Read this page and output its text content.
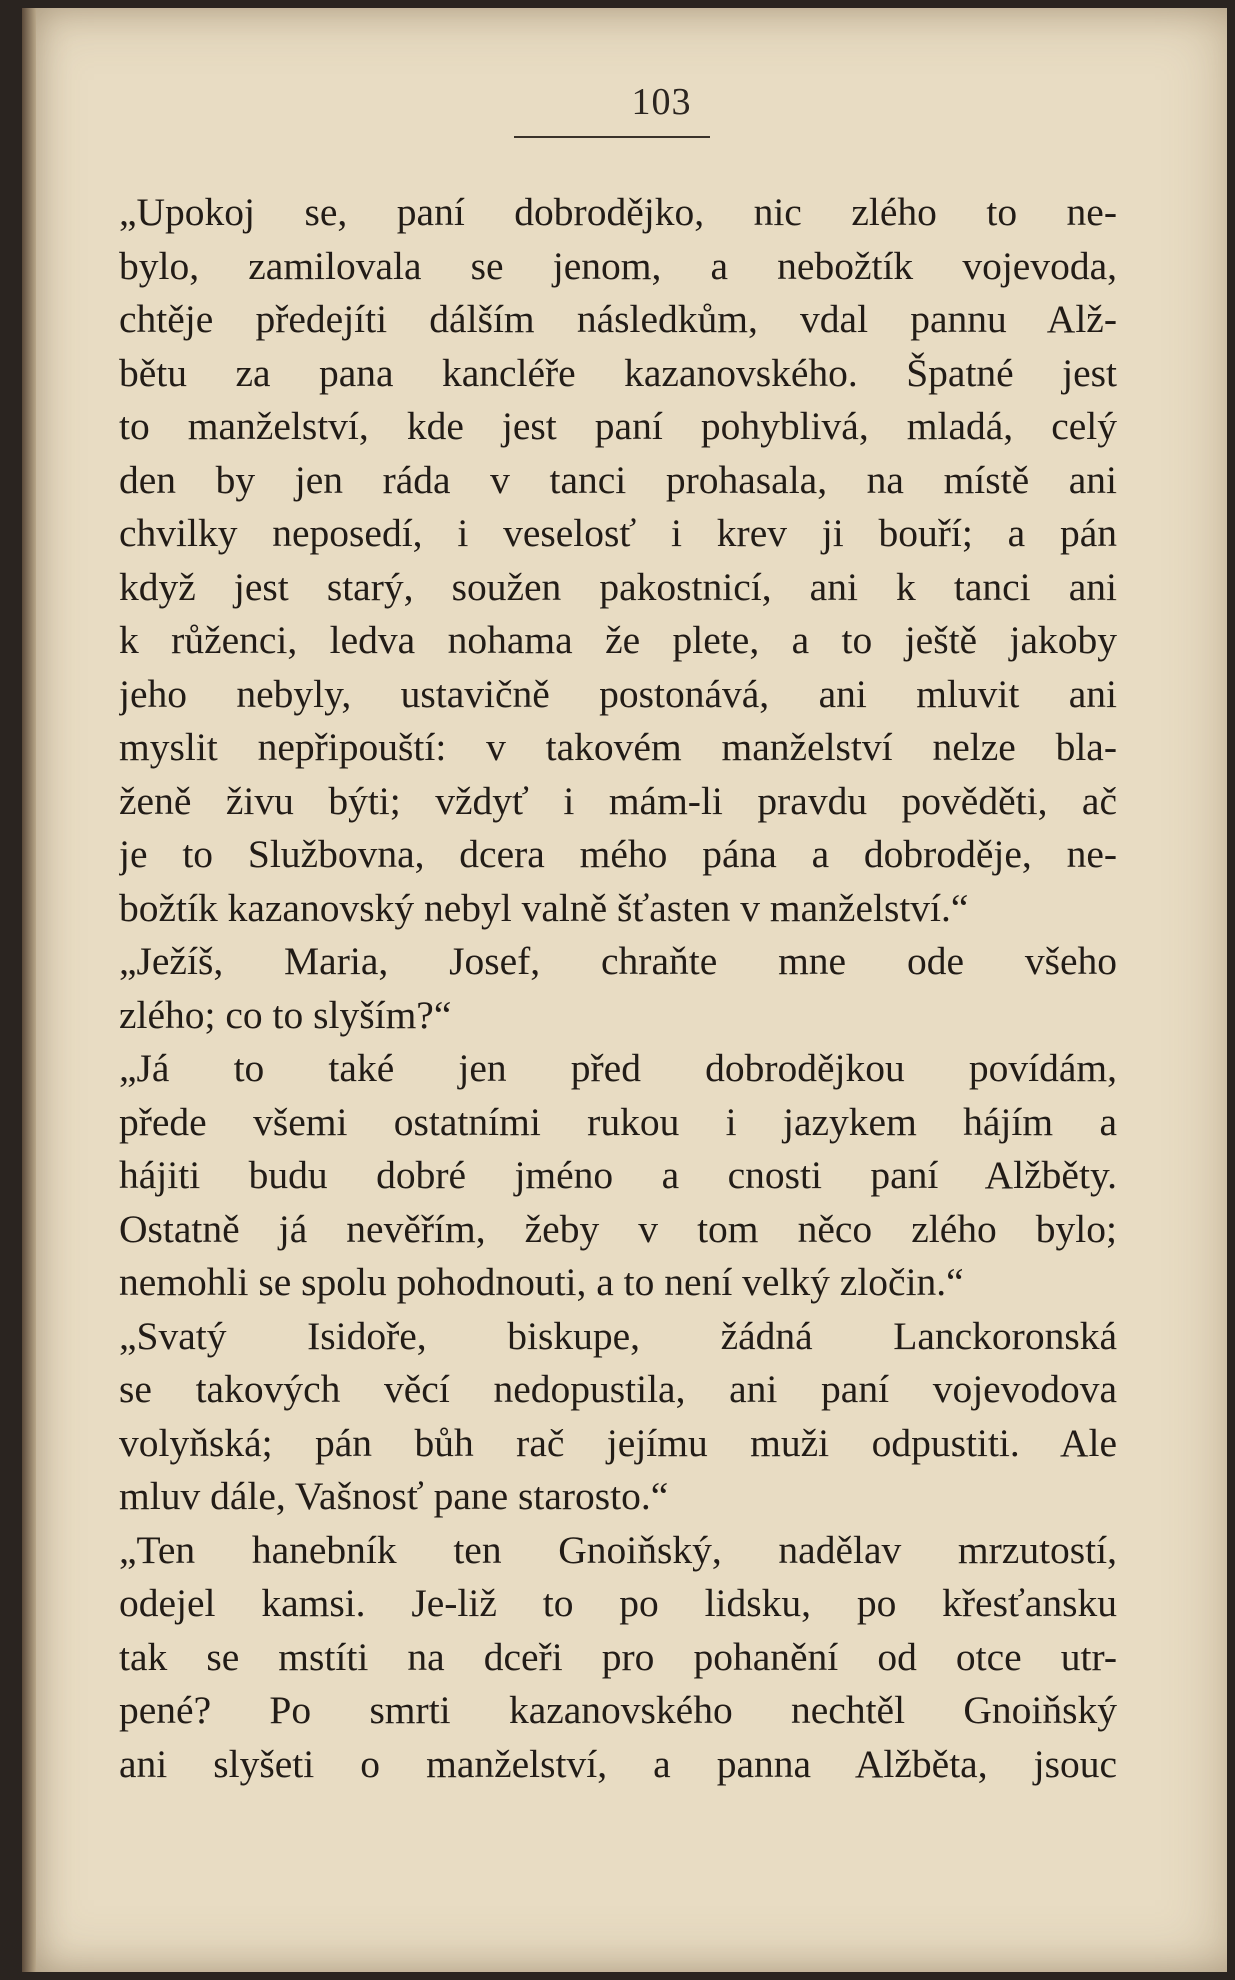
103
„Upokoj se, paní dobrodějko, nic zlého to ne-
bylo, zamilovala se jenom, a nebožtík vojevoda,
chtěje předejíti dálším následkům, vdal pannu Alž-
bětu za pana kancléře kazanovského. Špatné jest
to manželství, kde jest paní pohyblivá, mladá, celý
den by jen ráda v tanci prohasala, na místě ani
chvilky neposedí, i veselosť i krev ji bouří; a pán
když jest starý, soužen pakostnicí, ani k tanci ani
k růženci, ledva nohama že plete, a to ještě jakoby
jeho nebyly, ustavičně postonává, ani mluvit ani
myslit nepřipouští: v takovém manželství nelze bla-
ženě živu býti; vždyť i mám-li pravdu pověděti, ač
je to Službovna, dcera mého pána a dobroděje, ne-
božtík kazanovský nebyl valně šťasten v manželství.“
„Ježíš, Maria, Josef, chraňte mne ode všeho
zlého; co to slyším?“
„Já to také jen před dobrodějkou povídám,
přede všemi ostatními rukou i jazykem hájím a
hájiti budu dobré jméno a cnosti paní Alžběty.
Ostatně já nevěřím, žeby v tom něco zlého bylo;
nemohli se spolu pohodnouti, a to není velký zločin.“
„Svatý Isidoře, biskupe, žádná Lanckoronská
se takových věcí nedopustila, ani paní vojevodova
volyňská; pán bůh rač jejímu muži odpustiti. Ale
mluv dále, Vašnosť pane starosto.“
„Ten hanebník ten Gnoiňský, nadělav mrzutostí,
odejel kamsi. Je-liž to po lidsku, po křesťansku
tak se mstíti na dceři pro pohanění od otce utr-
pené? Po smrti kazanovského nechtěl Gnoiňský
ani slyšeti o manželství, a panna Alžběta, jsouc
